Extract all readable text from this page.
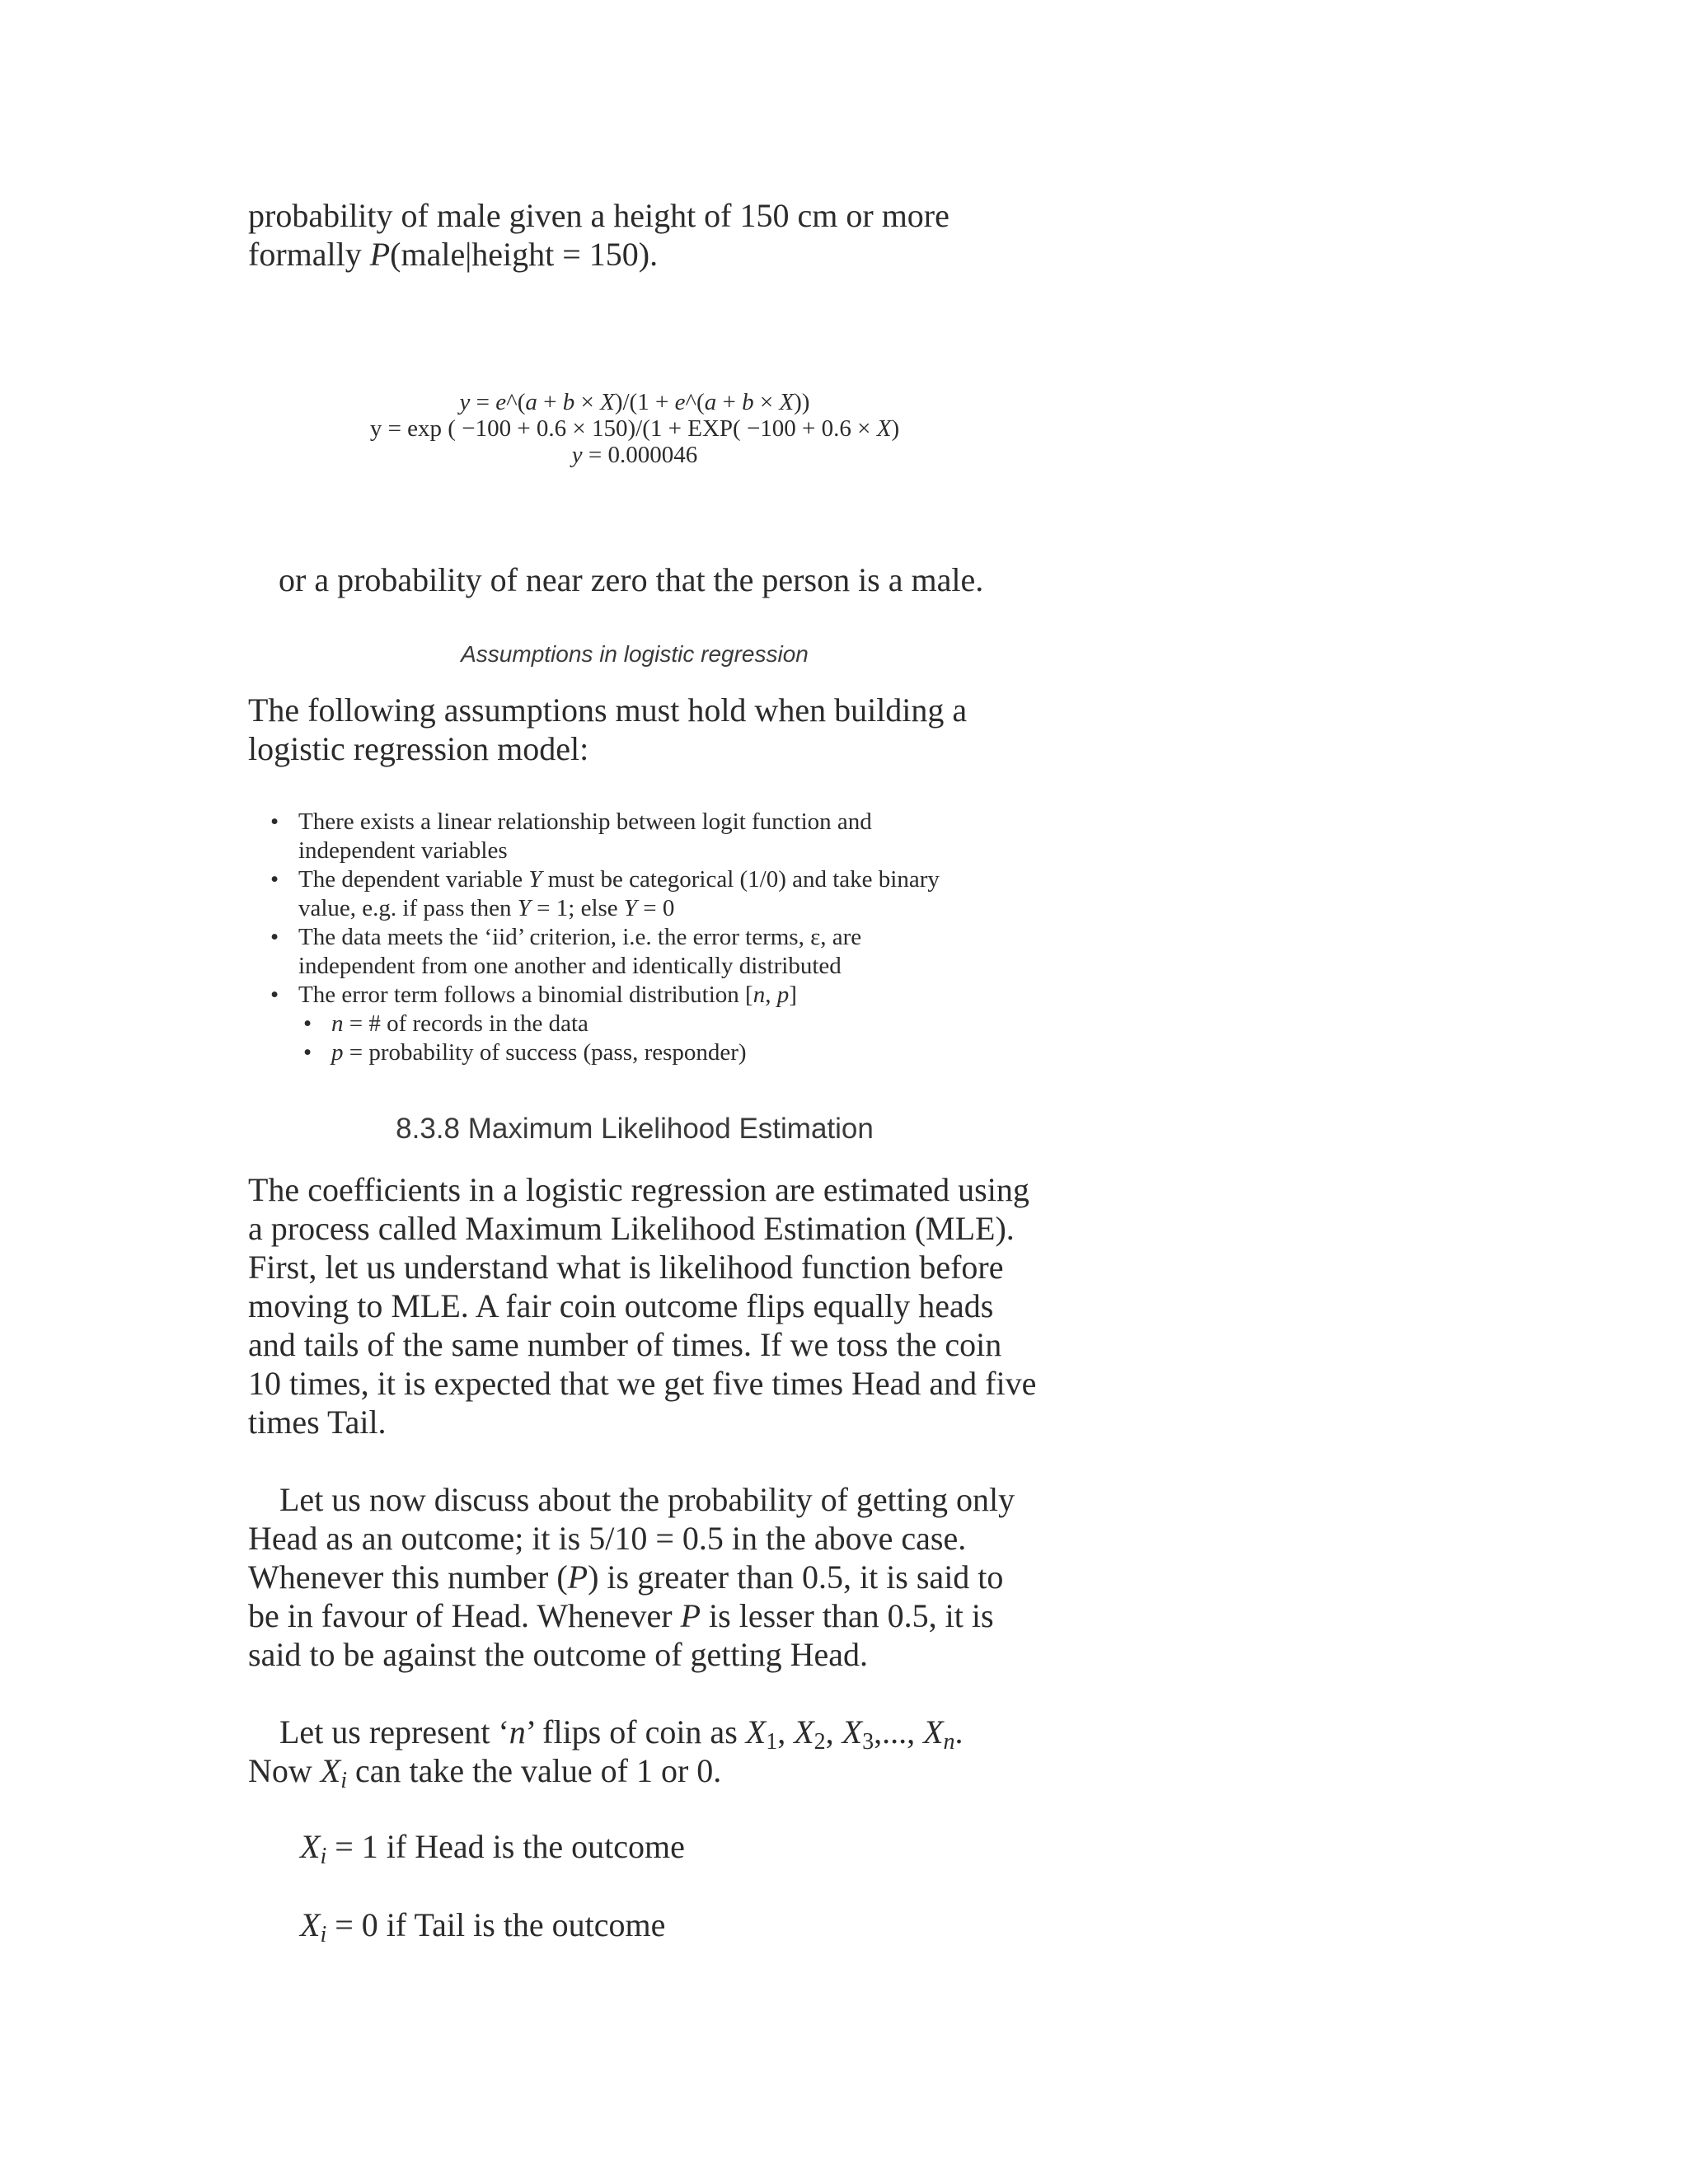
probability of male given a height of 150 cm or more
formally P(male|height = 150).

y = e^(a + b × X)/(1 + e^(a + b × X))
y = exp ( −100 + 0.6 × 150)/(1 + EXP( −100 + 0.6 × X)
y = 0.000046
or a probability of near zero that the person is a male.
Assumptions in logistic regression

The following assumptions must hold when building a logistic regression model:

• There exists a linear relationship between logit function and
independent variables
• The dependent variable Y must be categorical (1/0) and take binary
value, e.g. if pass then Y = 1; else Y = 0
• The data meets the ‘iid’ criterion, i.e. the error terms, ε, are
independent from one another and identically distributed
• The error term follows a binomial distribution [n, p]
• n = # of records in the data
• p = probability of success (pass, responder)
8.3.8 Maximum Likelihood Estimation

The coefficients in a logistic regression are estimated using a process called Maximum Likelihood Estimation (MLE). First, let us understand what is likelihood function before moving to MLE. A fair coin outcome flips equally heads and tails of the same number of times. If we toss the coin 10 times, it is expected that we get five times Head and five times Tail.

Let us now discuss about the probability of getting only Head as an outcome; it is 5/10 = 0.5 in the above case. Whenever this number (P) is greater than 0.5, it is said to be in favour of Head. Whenever P is lesser than 0.5, it is said to be against the outcome of getting Head.

Let us represent ‘n’ flips of coin as $X_1$, $X_2$, $X_3$,..., $X_n$.
Now $X_i$ can take the value of 1 or 0.

$X_i = 1$ if Head is the outcome
$X_i = 0$ if Tail is the outcome
